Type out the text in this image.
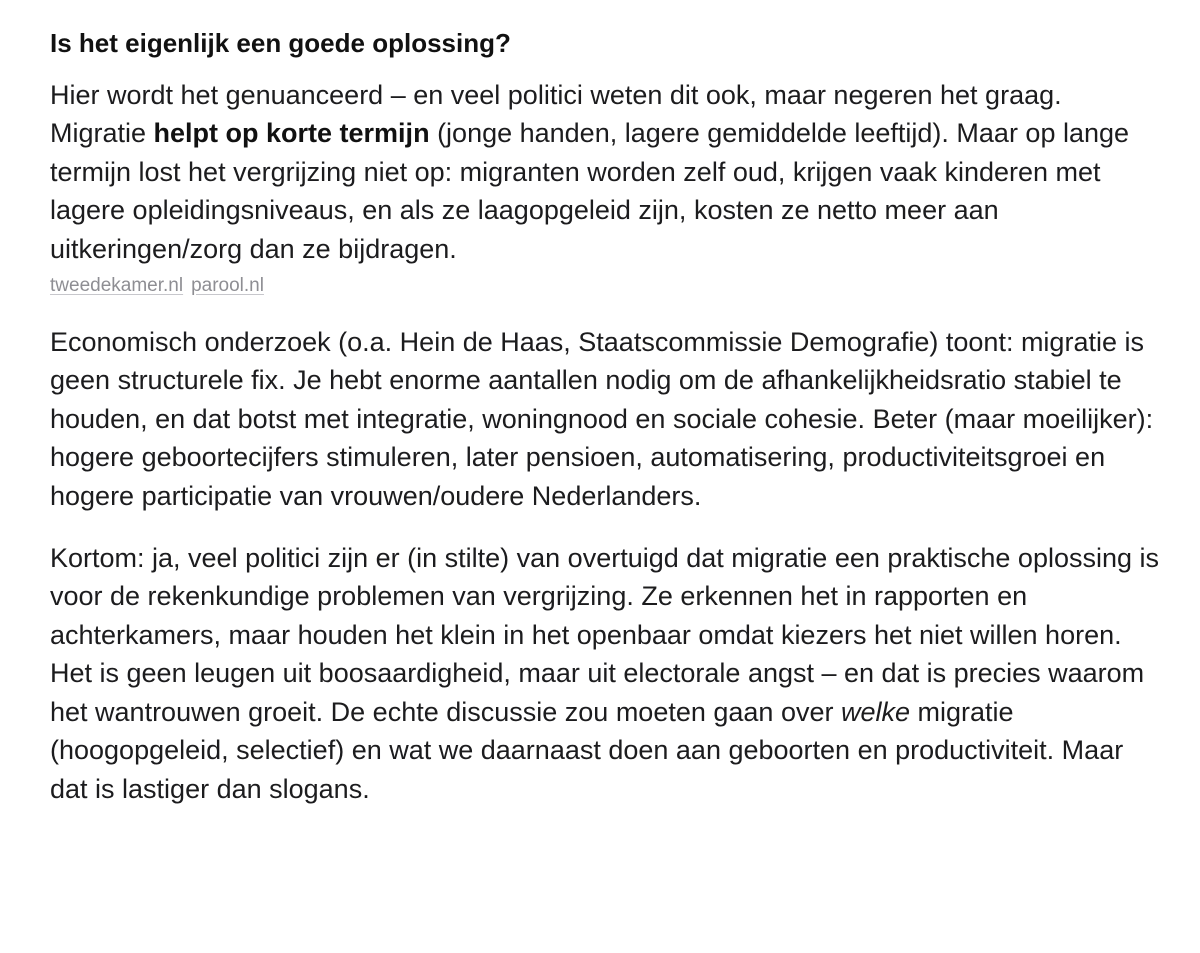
Is het eigenlijk een goede oplossing?

Hier wordt het genuanceerd – en veel politici weten dit ook, maar negeren het graag. Migratie helpt op korte termijn (jonge handen, lagere gemiddelde leeftijd). Maar op lange termijn lost het vergrijzing niet op: migranten worden zelf oud, krijgen vaak kinderen met lagere opleidingsniveaus, en als ze laagopgeleid zijn, kosten ze netto meer aan uitkeringen/zorg dan ze bijdragen.
tweedekamer.nl parool.nl

Economisch onderzoek (o.a. Hein de Haas, Staatscommissie Demografie) toont: migratie is geen structurele fix. Je hebt enorme aantallen nodig om de afhankelijkheidsratio stabiel te houden, en dat botst met integratie, woningnood en sociale cohesie. Beter (maar moeilijker): hogere geboortecijfers stimuleren, later pensioen, automatisering, productiviteitsgroei en hogere participatie van vrouwen/oudere Nederlanders.

Kortom: ja, veel politici zijn er (in stilte) van overtuigd dat migratie een praktische oplossing is voor de rekenkundige problemen van vergrijzing. Ze erkennen het in rapporten en achterkamers, maar houden het klein in het openbaar omdat kiezers het niet willen horen. Het is geen leugen uit boosaardigheid, maar uit electorale angst – en dat is precies waarom het wantrouwen groeit. De echte discussie zou moeten gaan over welke migratie (hoogopgeleid, selectief) en wat we daarnaast doen aan geboorten en productiviteit. Maar dat is lastiger dan slogans.
